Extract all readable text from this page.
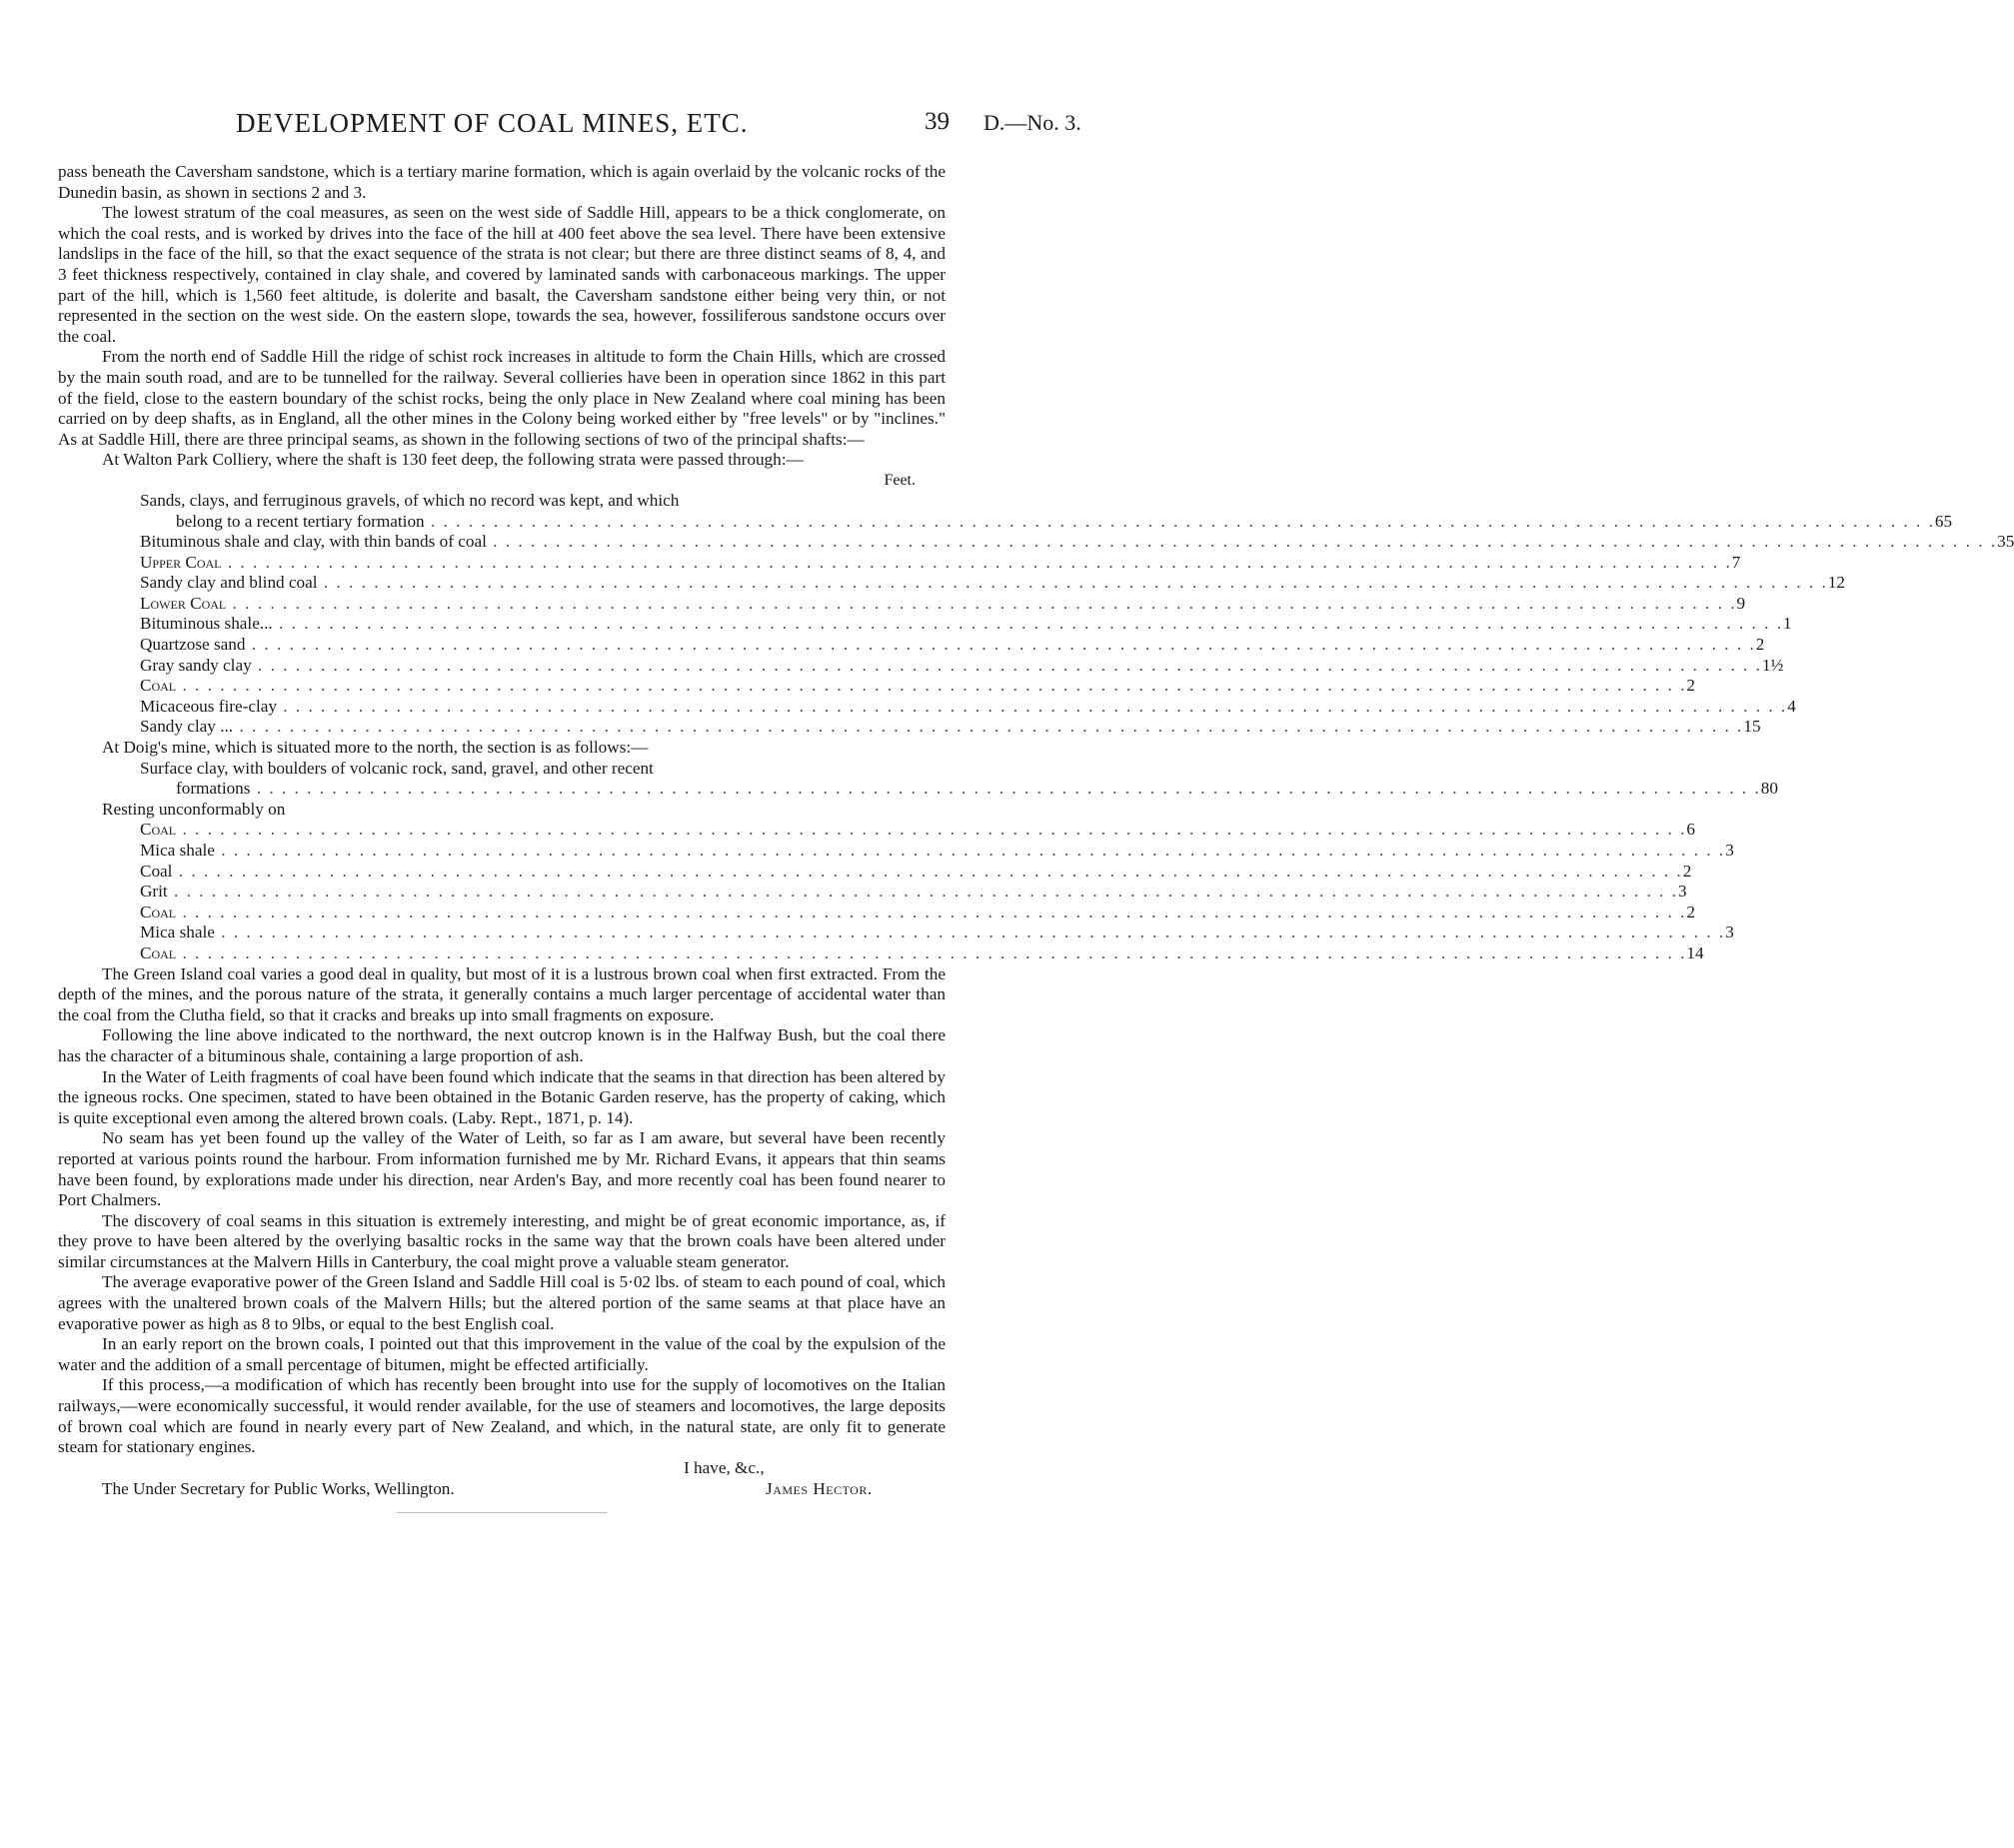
DEVELOPMENT OF COAL MINES, ETC.	39 D.—No. 3.

pass beneath the Caversham sandstone, which is a tertiary marine formation, which is again overlaid by the volcanic rocks of the Dunedin basin, as shown in sections 2 and 3.

The lowest stratum of the coal measures, as seen on the west side of Saddle Hill, appears to be a thick conglomerate, on which the coal rests, and is worked by drives into the face of the hill at 400 feet above the sea level. There have been extensive landslips in the face of the hill, so that the exact sequence of the strata is not clear; but there are three distinct seams of 8, 4, and 3 feet thickness respectively, contained in clay shale, and covered by laminated sands with carbonaceous markings. The upper part of the hill, which is 1,560 feet altitude, is dolerite and basalt, the Caversham sandstone either being very thin, or not represented in the section on the west side. On the eastern slope, towards the sea, however, fossiliferous sandstone occurs over the coal.

From the north end of Saddle Hill the ridge of schist rock increases in altitude to form the Chain Hills, which are crossed by the main south road, and are to be tunnelled for the railway. Several collieries have been in operation since 1862 in this part of the field, close to the eastern boundary of the schist rocks, being the only place in New Zealand where coal mining has been carried on by deep shafts, as in England, all the other mines in the Colony being worked either by "free levels" or by "inclines." As at Saddle Hill, there are three principal seams, as shown in the following sections of two of the principal shafts:—

At Walton Park Colliery, where the shaft is 130 feet deep, the following strata were passed through:—

Feet.
Sands, clays, and ferruginous gravels, of which no record was kept, and which
belong to a recent tertiary formation . . . . . . . . . . . . . . . . . . . . . . . . . . . . . . . . . . . . . . . . . . . . . . . . . . . . . . . . . . . . . . . . . . . . . . . . . . . . . . . . . . . . . . . . . . . . . . . . . . . . . . . . . . . . . . . . . . . . . . . . 65
Bituminous shale and clay, with thin bands of coal . . . . . . . . . . . . . . . . . . . . . . . . . . . . . . . . . . . . . . . . . . . . . . . . . . . . . . . . . . . . . . . . . . . . . . . . . . . . . . . . . . . . . . . . . . . . . . . . . . . . . . . . . . . . . . . . . . . . . . . . 35
Upper Coal . . . . . . . . . . . . . . . . . . . . . . . . . . . . . . . . . . . . . . . . . . . . . . . . . . . . . . . . . . . . . . . . . . . . . . . . . . . . . . . . . . . . . . . . . . . . . . . . . . . . . . . . . . . . . . . . . . . . . . . . 7
Sandy clay and blind coal . . . . . . . . . . . . . . . . . . . . . . . . . . . . . . . . . . . . . . . . . . . . . . . . . . . . . . . . . . . . . . . . . . . . . . . . . . . . . . . . . . . . . . . . . . . . . . . . . . . . . . . . . . . . . . . . . . . . . . . . 12
Lower Coal . . . . . . . . . . . . . . . . . . . . . . . . . . . . . . . . . . . . . . . . . . . . . . . . . . . . . . . . . . . . . . . . . . . . . . . . . . . . . . . . . . . . . . . . . . . . . . . . . . . . . . . . . . . . . . . . . . . . . . . . 9
Bituminous shale... . . . . . . . . . . . . . . . . . . . . . . . . . . . . . . . . . . . . . . . . . . . . . . . . . . . . . . . . . . . . . . . . . . . . . . . . . . . . . . . . . . . . . . . . . . . . . . . . . . . . . . . . . . . . . . . . . . . . . . . . 1
Quartzose sand . . . . . . . . . . . . . . . . . . . . . . . . . . . . . . . . . . . . . . . . . . . . . . . . . . . . . . . . . . . . . . . . . . . . . . . . . . . . . . . . . . . . . . . . . . . . . . . . . . . . . . . . . . . . . . . . . . . . . . . . 2
Gray sandy clay . . . . . . . . . . . . . . . . . . . . . . . . . . . . . . . . . . . . . . . . . . . . . . . . . . . . . . . . . . . . . . . . . . . . . . . . . . . . . . . . . . . . . . . . . . . . . . . . . . . . . . . . . . . . . . . . . . . . . . . . 1½
Coal . . . . . . . . . . . . . . . . . . . . . . . . . . . . . . . . . . . . . . . . . . . . . . . . . . . . . . . . . . . . . . . . . . . . . . . . . . . . . . . . . . . . . . . . . . . . . . . . . . . . . . . . . . . . . . . . . . . . . . . . 2
Micaceous fire-clay . . . . . . . . . . . . . . . . . . . . . . . . . . . . . . . . . . . . . . . . . . . . . . . . . . . . . . . . . . . . . . . . . . . . . . . . . . . . . . . . . . . . . . . . . . . . . . . . . . . . . . . . . . . . . . . . . . . . . . . . 4
Sandy clay ... . . . . . . . . . . . . . . . . . . . . . . . . . . . . . . . . . . . . . . . . . . . . . . . . . . . . . . . . . . . . . . . . . . . . . . . . . . . . . . . . . . . . . . . . . . . . . . . . . . . . . . . . . . . . . . . . . . . . . . . . 15
At Doig's mine, which is situated more to the north, the section is as follows:—
Surface clay, with boulders of volcanic rock, sand, gravel, and other recent
formations . . . . . . . . . . . . . . . . . . . . . . . . . . . . . . . . . . . . . . . . . . . . . . . . . . . . . . . . . . . . . . . . . . . . . . . . . . . . . . . . . . . . . . . . . . . . . . . . . . . . . . . . . . . . . . . . . . . . . . . . 80
Resting unconformably on
Coal . . . . . . . . . . . . . . . . . . . . . . . . . . . . . . . . . . . . . . . . . . . . . . . . . . . . . . . . . . . . . . . . . . . . . . . . . . . . . . . . . . . . . . . . . . . . . . . . . . . . . . . . . . . . . . . . . . . . . . . . 6
Mica shale . . . . . . . . . . . . . . . . . . . . . . . . . . . . . . . . . . . . . . . . . . . . . . . . . . . . . . . . . . . . . . . . . . . . . . . . . . . . . . . . . . . . . . . . . . . . . . . . . . . . . . . . . . . . . . . . . . . . . . . . 3
Coal . . . . . . . . . . . . . . . . . . . . . . . . . . . . . . . . . . . . . . . . . . . . . . . . . . . . . . . . . . . . . . . . . . . . . . . . . . . . . . . . . . . . . . . . . . . . . . . . . . . . . . . . . . . . . . . . . . . . . . . . 2
Grit . . . . . . . . . . . . . . . . . . . . . . . . . . . . . . . . . . . . . . . . . . . . . . . . . . . . . . . . . . . . . . . . . . . . . . . . . . . . . . . . . . . . . . . . . . . . . . . . . . . . . . . . . . . . . . . . . . . . . . . . 3
Coal . . . . . . . . . . . . . . . . . . . . . . . . . . . . . . . . . . . . . . . . . . . . . . . . . . . . . . . . . . . . . . . . . . . . . . . . . . . . . . . . . . . . . . . . . . . . . . . . . . . . . . . . . . . . . . . . . . . . . . . . 2
Mica shale . . . . . . . . . . . . . . . . . . . . . . . . . . . . . . . . . . . . . . . . . . . . . . . . . . . . . . . . . . . . . . . . . . . . . . . . . . . . . . . . . . . . . . . . . . . . . . . . . . . . . . . . . . . . . . . . . . . . . . . . 3
Coal . . . . . . . . . . . . . . . . . . . . . . . . . . . . . . . . . . . . . . . . . . . . . . . . . . . . . . . . . . . . . . . . . . . . . . . . . . . . . . . . . . . . . . . . . . . . . . . . . . . . . . . . . . . . . . . . . . . . . . . . 14

The Green Island coal varies a good deal in quality, but most of it is a lustrous brown coal when first extracted. From the depth of the mines, and the porous nature of the strata, it generally contains a much larger percentage of accidental water than the coal from the Clutha field, so that it cracks and breaks up into small fragments on exposure.

Following the line above indicated to the northward, the next outcrop known is in the Halfway Bush, but the coal there has the character of a bituminous shale, containing a large proportion of ash.

In the Water of Leith fragments of coal have been found which indicate that the seams in that direction has been altered by the igneous rocks. One specimen, stated to have been obtained in the Botanic Garden reserve, has the property of caking, which is quite exceptional even among the altered brown coals. (Laby. Rept., 1871, p. 14).

No seam has yet been found up the valley of the Water of Leith, so far as I am aware, but several have been recently reported at various points round the harbour. From information furnished me by Mr. Richard Evans, it appears that thin seams have been found, by explorations made under his direction, near Arden's Bay, and more recently coal has been found nearer to Port Chalmers.

The discovery of coal seams in this situation is extremely interesting, and might be of great economic importance, as, if they prove to have been altered by the overlying basaltic rocks in the same way that the brown coals have been altered under similar circumstances at the Malvern Hills in Canterbury, the coal might prove a valuable steam generator.

The average evaporative power of the Green Island and Saddle Hill coal is 5·02 lbs. of steam to each pound of coal, which agrees with the unaltered brown coals of the Malvern Hills; but the altered portion of the same seams at that place have an evaporative power as high as 8 to 9lbs, or equal to the best English coal.

In an early report on the brown coals, I pointed out that this improvement in the value of the coal by the expulsion of the water and the addition of a small percentage of bitumen, might be effected artificially.

If this process,—a modification of which has recently been brought into use for the supply of locomotives on the Italian railways,—were economically successful, it would render available, for the use of steamers and locomotives, the large deposits of brown coal which are found in nearly every part of New Zealand, and which, in the natural state, are only fit to generate steam for stationary engines.

I have, &c.,
The Under Secretary for Public Works, Wellington.	James Hector.
